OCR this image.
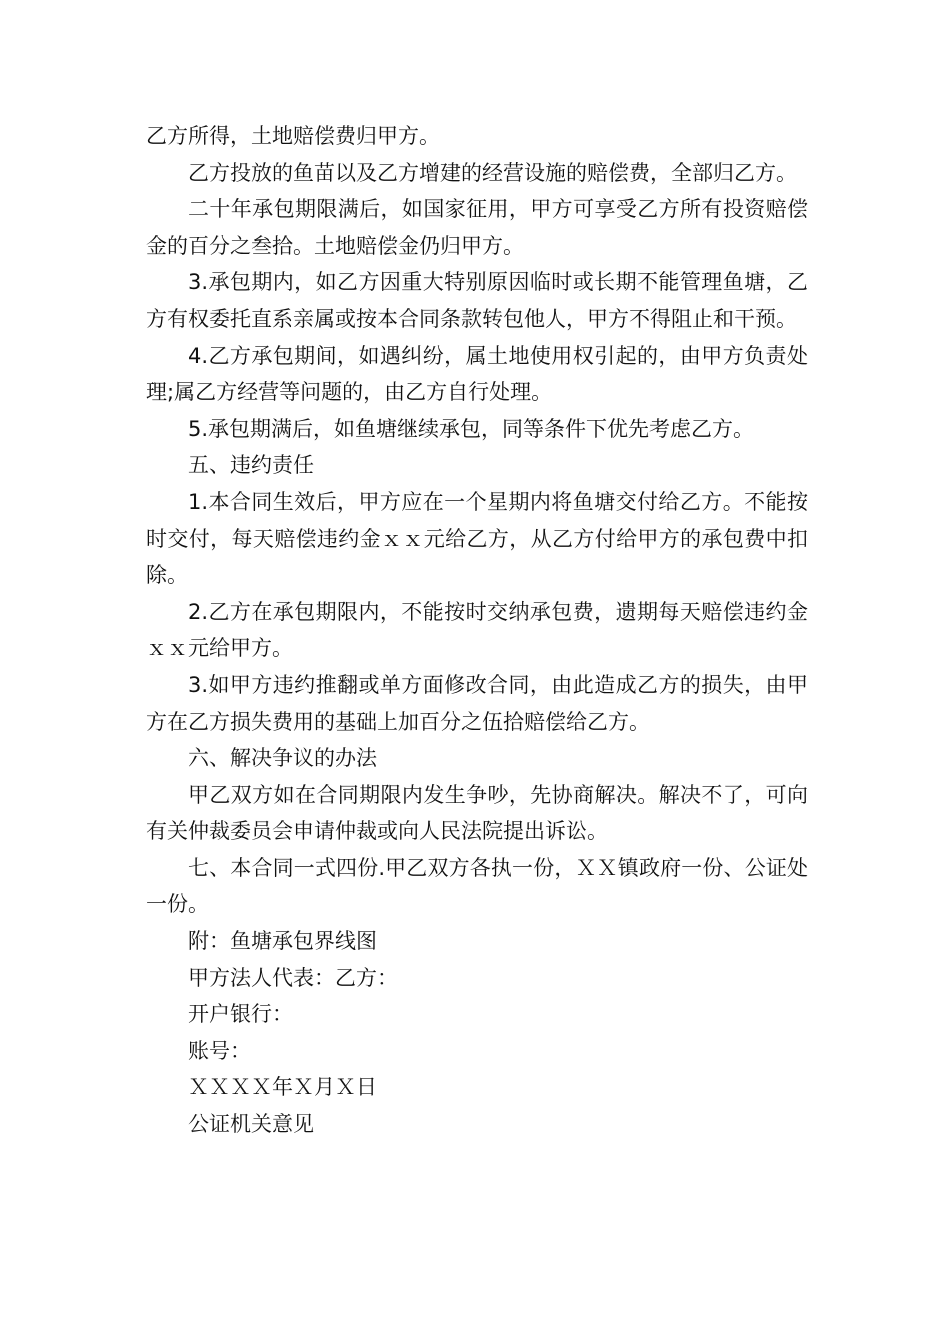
乙方所得，土地赔偿费归甲方。

乙方投放的鱼苗以及乙方增建的经营设施的赔偿费，全部归乙方。

二十年承包期限满后，如国家征用，甲方可享受乙方所有投资赔偿金的百分之叁拾。土地赔偿金仍归甲方。

3.承包期内，如乙方因重大特别原因临时或长期不能管理鱼塘，乙方有权委托直系亲属或按本合同条款转包他人，甲方不得阻止和干预。

4.乙方承包期间，如遇纠纷，属土地使用权引起的，由甲方负责处理;属乙方经营等问题的，由乙方自行处理。

5.承包期满后，如鱼塘继续承包，同等条件下优先考虑乙方。

五、违约责任

1.本合同生效后，甲方应在一个星期内将鱼塘交付给乙方。不能按时交付，每天赔偿违约金ｘｘ元给乙方，从乙方付给甲方的承包费中扣除。

2.乙方在承包期限内，不能按时交纳承包费，遗期每天赔偿违约金ｘｘ元给甲方。

3.如甲方违约推翻或单方面修改合同，由此造成乙方的损失，由甲方在乙方损失费用的基础上加百分之伍拾赔偿给乙方。

六、解决争议的办法

甲乙双方如在合同期限内发生争吵，先协商解决。解决不了，可向有关仲裁委员会申请仲裁或向人民法院提出诉讼。

七、本合同一式四份.甲乙双方各执一份，ＸＸ镇政府一份、公证处一份。

附：鱼塘承包界线图

甲方法人代表：乙方：

开户银行：

账号：

ＸＸＸＸ年Ｘ月Ｘ日

公证机关意见
